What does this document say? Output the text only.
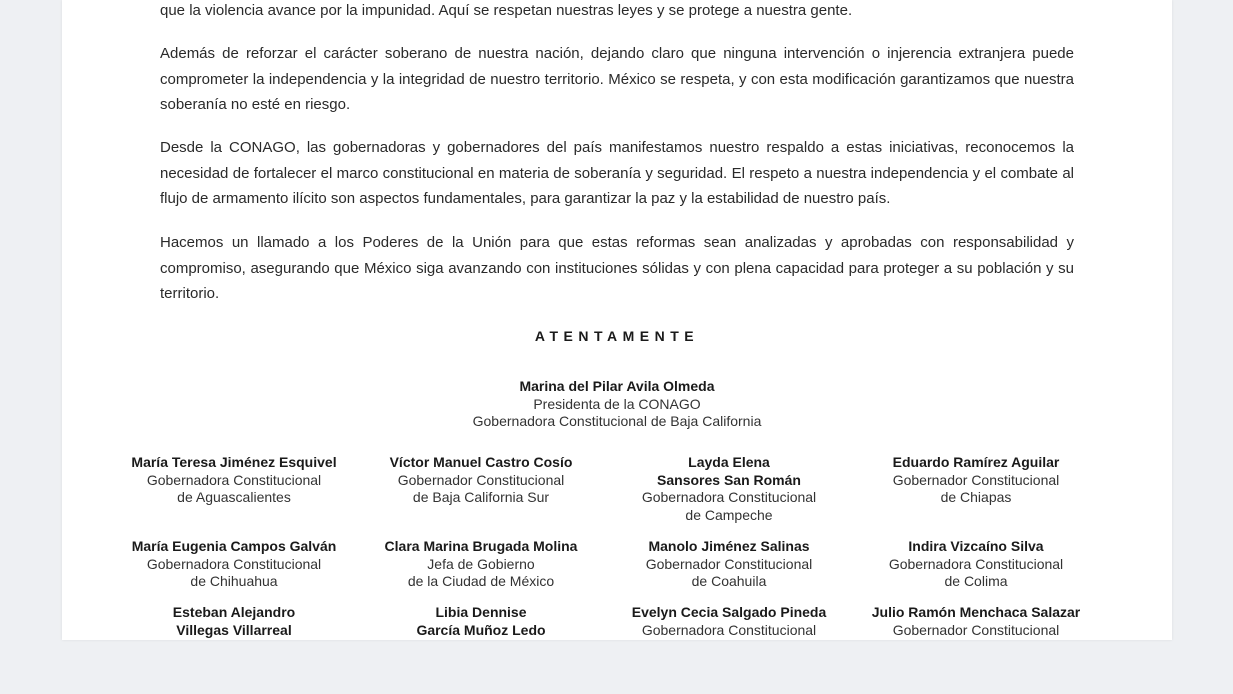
que la violencia avance por la impunidad. Aquí se respetan nuestras leyes y se protege a nuestra gente.

Además de reforzar el carácter soberano de nuestra nación, dejando claro que ninguna intervención o injerencia extranjera puede comprometer la independencia y la integridad de nuestro territorio. México se respeta, y con esta modificación garantizamos que nuestra soberanía no esté en riesgo.

Desde la CONAGO, las gobernadoras y gobernadores del país manifestamos nuestro respaldo a estas iniciativas, reconocemos la necesidad de fortalecer el marco constitucional en materia de soberanía y seguridad. El respeto a nuestra independencia y el combate al flujo de armamento ilícito son aspectos fundamentales, para garantizar la paz y la estabilidad de nuestro país.

Hacemos un llamado a los Poderes de la Unión para que estas reformas sean analizadas y aprobadas con responsabilidad y compromiso, asegurando que México siga avanzando con instituciones sólidas y con plena capacidad para proteger a su población y su territorio.

ATENTAMENTE
Marina del Pilar Avila Olmeda
Presidenta de la CONAGO
Gobernadora Constitucional de Baja California
María Teresa Jiménez Esquivel
Gobernadora Constitucional
de Aguascalientes
Víctor Manuel Castro Cosío
Gobernador Constitucional
de Baja California Sur
Layda Elena
Sansores San Román
Gobernadora Constitucional
de Campeche
Eduardo Ramírez Aguilar
Gobernador Constitucional
de Chiapas
María Eugenia Campos Galván
Gobernadora Constitucional
de Chihuahua
Clara Marina Brugada Molina
Jefa de Gobierno
de la Ciudad de México
Manolo Jiménez Salinas
Gobernador Constitucional
de Coahuila
Indira Vizcaíno Silva
Gobernadora Constitucional
de Colima
Esteban Alejandro
Villegas Villarreal
Libia Dennise
García Muñoz Ledo
Evelyn Cecia Salgado Pineda
Gobernadora Constitucional
Julio Ramón Menchaca Salazar
Gobernador Constitucional
